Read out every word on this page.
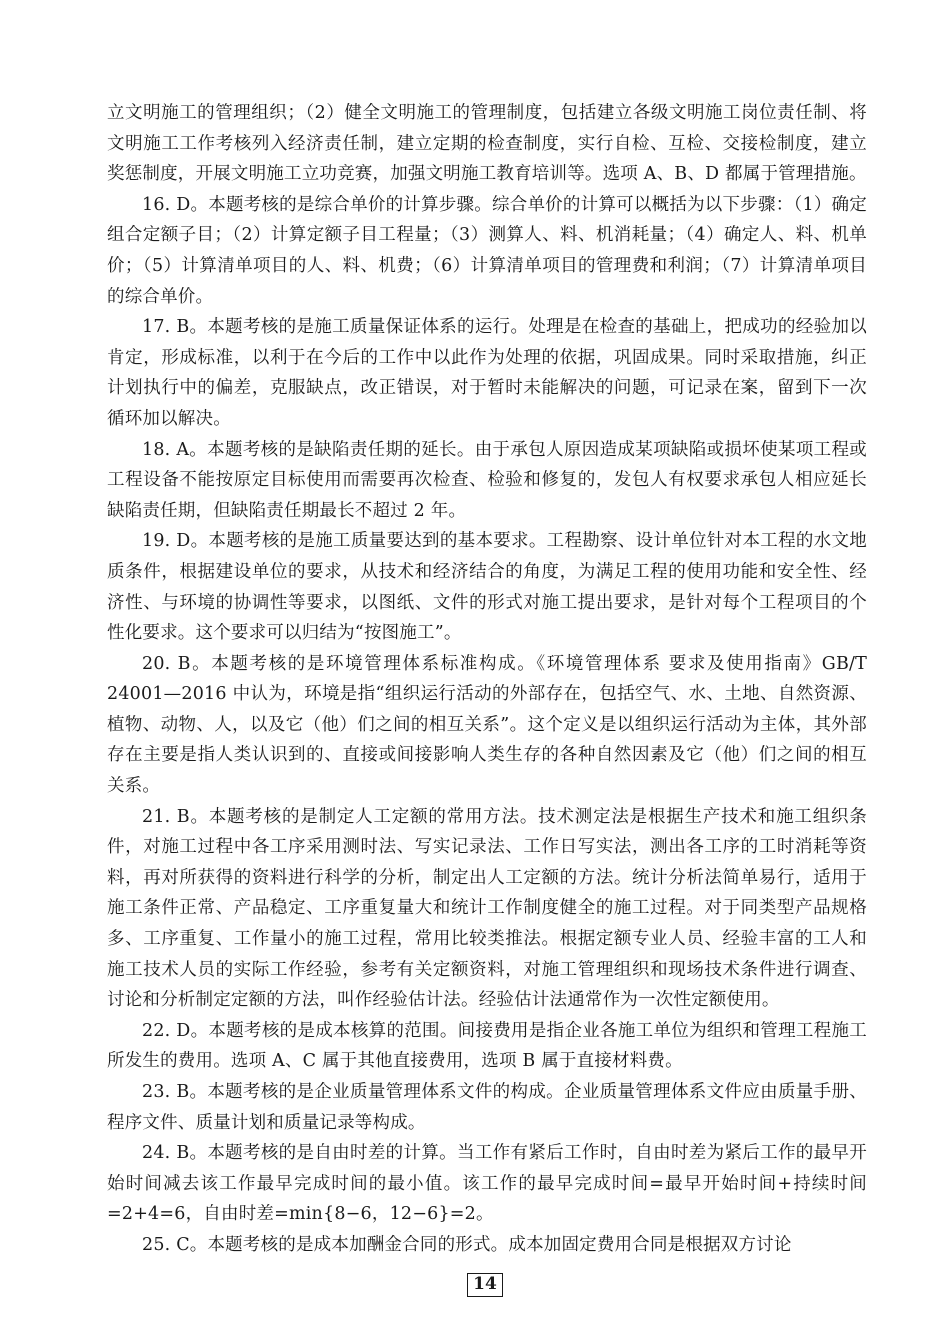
立文明施工的管理组织；（2）健全文明施工的管理制度，包括建立各级文明施工岗位责任制、将文明施工工作考核列入经济责任制，建立定期的检查制度，实行自检、互检、交接检制度，建立奖惩制度，开展文明施工立功竞赛，加强文明施工教育培训等。选项 A、B、D 都属于管理措施。

16. D。本题考核的是综合单价的计算步骤。综合单价的计算可以概括为以下步骤：（1）确定组合定额子目；（2）计算定额子目工程量；（3）测算人、料、机消耗量；（4）确定人、料、机单价；（5）计算清单项目的人、料、机费；（6）计算清单项目的管理费和利润；（7）计算清单项目的综合单价。

17. B。本题考核的是施工质量保证体系的运行。处理是在检查的基础上，把成功的经验加以肯定，形成标准，以利于在今后的工作中以此作为处理的依据，巩固成果。同时采取措施，纠正计划执行中的偏差，克服缺点，改正错误，对于暂时未能解决的问题，可记录在案，留到下一次循环加以解决。

18. A。本题考核的是缺陷责任期的延长。由于承包人原因造成某项缺陷或损坏使某项工程或工程设备不能按原定目标使用而需要再次检查、检验和修复的，发包人有权要求承包人相应延长缺陷责任期，但缺陷责任期最长不超过 2 年。

19. D。本题考核的是施工质量要达到的基本要求。工程勘察、设计单位针对本工程的水文地质条件，根据建设单位的要求，从技术和经济结合的角度，为满足工程的使用功能和安全性、经济性、与环境的协调性等要求，以图纸、文件的形式对施工提出要求，是针对每个工程项目的个性化要求。这个要求可以归结为“按图施工”。

20. B。本题考核的是环境管理体系标准构成。《环境管理体系 要求及使用指南》GB/T 24001—2016 中认为，环境是指“组织运行活动的外部存在，包括空气、水、土地、自然资源、植物、动物、人，以及它（他）们之间的相互关系”。这个定义是以组织运行活动为主体，其外部存在主要是指人类认识到的、直接或间接影响人类生存的各种自然因素及它（他）们之间的相互关系。

21. B。本题考核的是制定人工定额的常用方法。技术测定法是根据生产技术和施工组织条件，对施工过程中各工序采用测时法、写实记录法、工作日写实法，测出各工序的工时消耗等资料，再对所获得的资料进行科学的分析，制定出人工定额的方法。统计分析法简单易行，适用于施工条件正常、产品稳定、工序重复量大和统计工作制度健全的施工过程。对于同类型产品规格多、工序重复、工作量小的施工过程，常用比较类推法。根据定额专业人员、经验丰富的工人和施工技术人员的实际工作经验，参考有关定额资料，对施工管理组织和现场技术条件进行调查、讨论和分析制定定额的方法，叫作经验估计法。经验估计法通常作为一次性定额使用。

22. D。本题考核的是成本核算的范围。间接费用是指企业各施工单位为组织和管理工程施工所发生的费用。选项 A、C 属于其他直接费用，选项 B 属于直接材料费。

23. B。本题考核的是企业质量管理体系文件的构成。企业质量管理体系文件应由质量手册、程序文件、质量计划和质量记录等构成。

24. B。本题考核的是自由时差的计算。当工作有紧后工作时，自由时差为紧后工作的最早开始时间减去该工作最早完成时间的最小值。该工作的最早完成时间=最早开始时间+持续时间=2+4=6，自由时差=min{8−6，12−6}=2。

25. C。本题考核的是成本加酬金合同的形式。成本加固定费用合同是根据双方讨论

14
